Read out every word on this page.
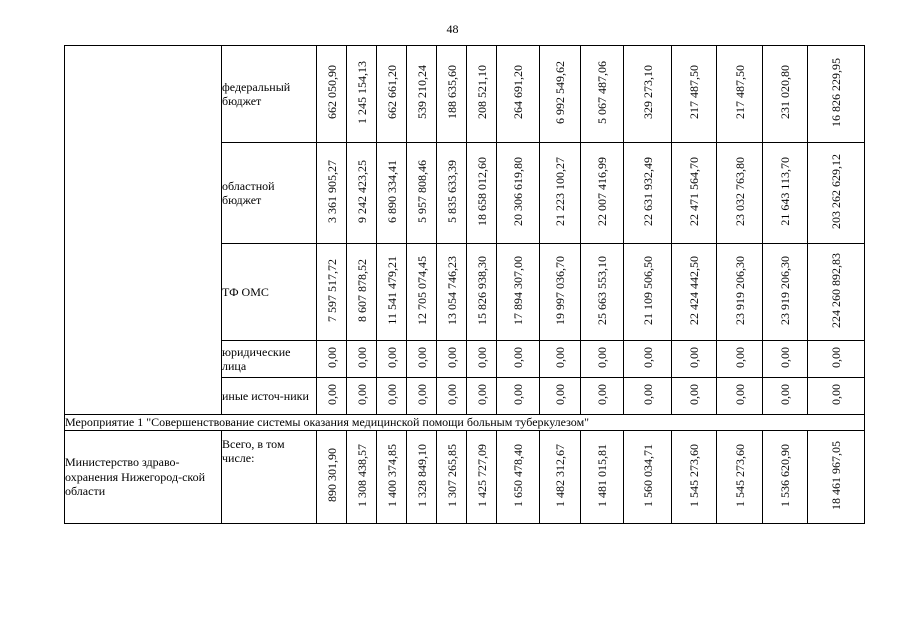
48
	федеральный бюджет	662 050,90	1 245 154,13	662 661,20	539 210,24	188 635,60	208 521,10	264 691,20	6 992 549,62	5 067 487,06	329 273,10	217 487,50	217 487,50	231 020,80	16 826 229,95
	областной бюджет	3 361 905,27	9 242 423,25	6 890 334,41	5 957 808,46	5 835 633,39	18 658 012,60	20 306 619,80	21 223 100,27	22 007 416,99	22 631 932,49	22 471 564,70	23 032 763,80	21 643 113,70	203 262 629,12
	ТФ ОМС	7 597 517,72	8 607 878,52	11 541 479,21	12 705 074,45	13 054 746,23	15 826 938,30	17 894 307,00	19 997 036,70	25 663 553,10	21 109 506,50	22 424 442,50	23 919 206,30	23 919 206,30	224 260 892,83
	юридические лица	0,00	0,00	0,00	0,00	0,00	0,00	0,00	0,00	0,00	0,00	0,00	0,00	0,00	0,00
	иные источ-ники	0,00	0,00	0,00	0,00	0,00	0,00	0,00	0,00	0,00	0,00	0,00	0,00	0,00	0,00
Мероприятие 1 "Совершенствование системы оказания медицинской помощи больным туберкулезом"															
Министерство здраво-охранения Нижегород-ской области	Всего, в том числе:	890 301,90	1 308 438,57	1 400 374,85	1 328 849,10	1 307 265,85	1 425 727,09	1 650 478,40	1 482 312,67	1 481 015,81	1 560 034,71	1 545 273,60	1 545 273,60	1 536 620,90	18 461 967,05
